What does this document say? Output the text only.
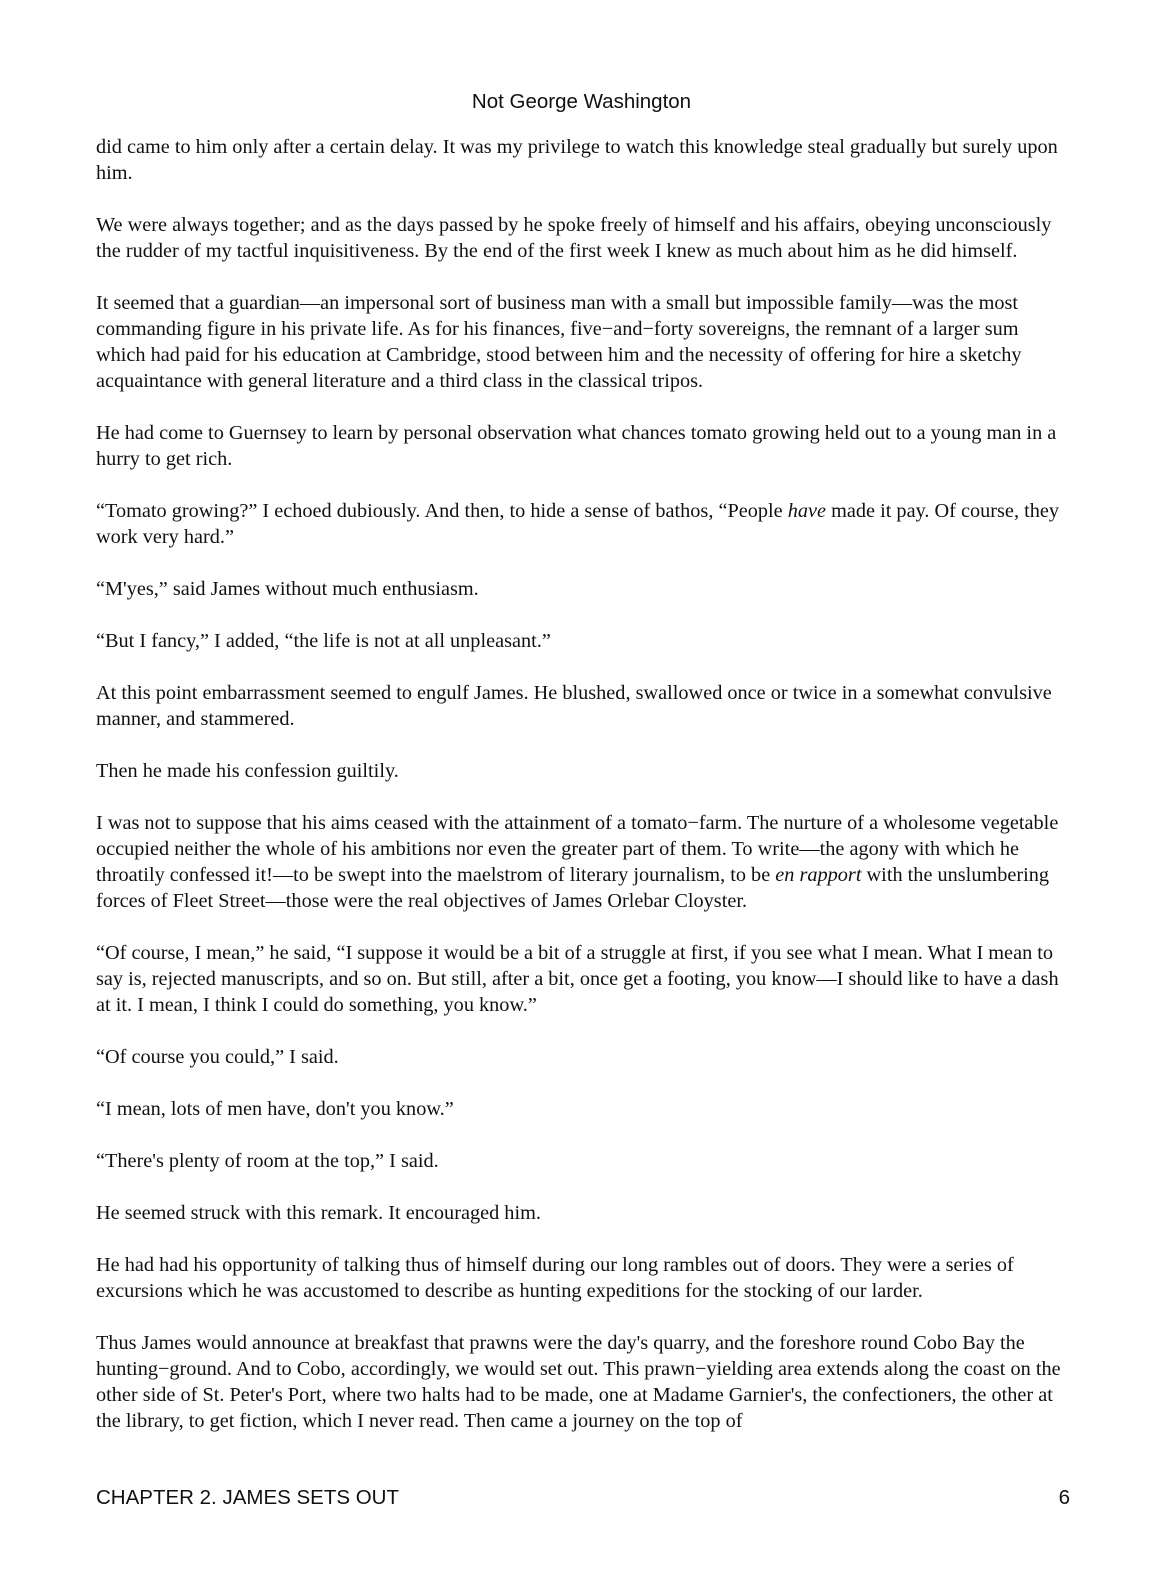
Not George Washington

did came to him only after a certain delay. It was my privilege to watch this knowledge steal gradually but surely upon him.

We were always together; and as the days passed by he spoke freely of himself and his affairs, obeying unconsciously the rudder of my tactful inquisitiveness. By the end of the first week I knew as much about him as he did himself.

It seemed that a guardian—an impersonal sort of business man with a small but impossible family—was the most commanding figure in his private life. As for his finances, five−and−forty sovereigns, the remnant of a larger sum which had paid for his education at Cambridge, stood between him and the necessity of offering for hire a sketchy acquaintance with general literature and a third class in the classical tripos.

He had come to Guernsey to learn by personal observation what chances tomato growing held out to a young man in a hurry to get rich.

“Tomato growing?” I echoed dubiously. And then, to hide a sense of bathos, “People have made it pay. Of course, they work very hard.”

“M'yes,” said James without much enthusiasm.

“But I fancy,” I added, “the life is not at all unpleasant.”

At this point embarrassment seemed to engulf James. He blushed, swallowed once or twice in a somewhat convulsive manner, and stammered.

Then he made his confession guiltily.

I was not to suppose that his aims ceased with the attainment of a tomato−farm. The nurture of a wholesome vegetable occupied neither the whole of his ambitions nor even the greater part of them. To write—the agony with which he throatily confessed it!—to be swept into the maelstrom of literary journalism, to be en rapport with the unslumbering forces of Fleet Street—those were the real objectives of James Orlebar Cloyster.

“Of course, I mean,” he said, “I suppose it would be a bit of a struggle at first, if you see what I mean. What I mean to say is, rejected manuscripts, and so on. But still, after a bit, once get a footing, you know—I should like to have a dash at it. I mean, I think I could do something, you know.”

“Of course you could,” I said.

“I mean, lots of men have, don't you know.”

“There's plenty of room at the top,” I said.

He seemed struck with this remark. It encouraged him.

He had had his opportunity of talking thus of himself during our long rambles out of doors. They were a series of excursions which he was accustomed to describe as hunting expeditions for the stocking of our larder.

Thus James would announce at breakfast that prawns were the day's quarry, and the foreshore round Cobo Bay the hunting−ground. And to Cobo, accordingly, we would set out. This prawn−yielding area extends along the coast on the other side of St. Peter's Port, where two halts had to be made, one at Madame Garnier's, the confectioners, the other at the library, to get fiction, which I never read. Then came a journey on the top of

CHAPTER 2. JAMES SETS OUT	6
